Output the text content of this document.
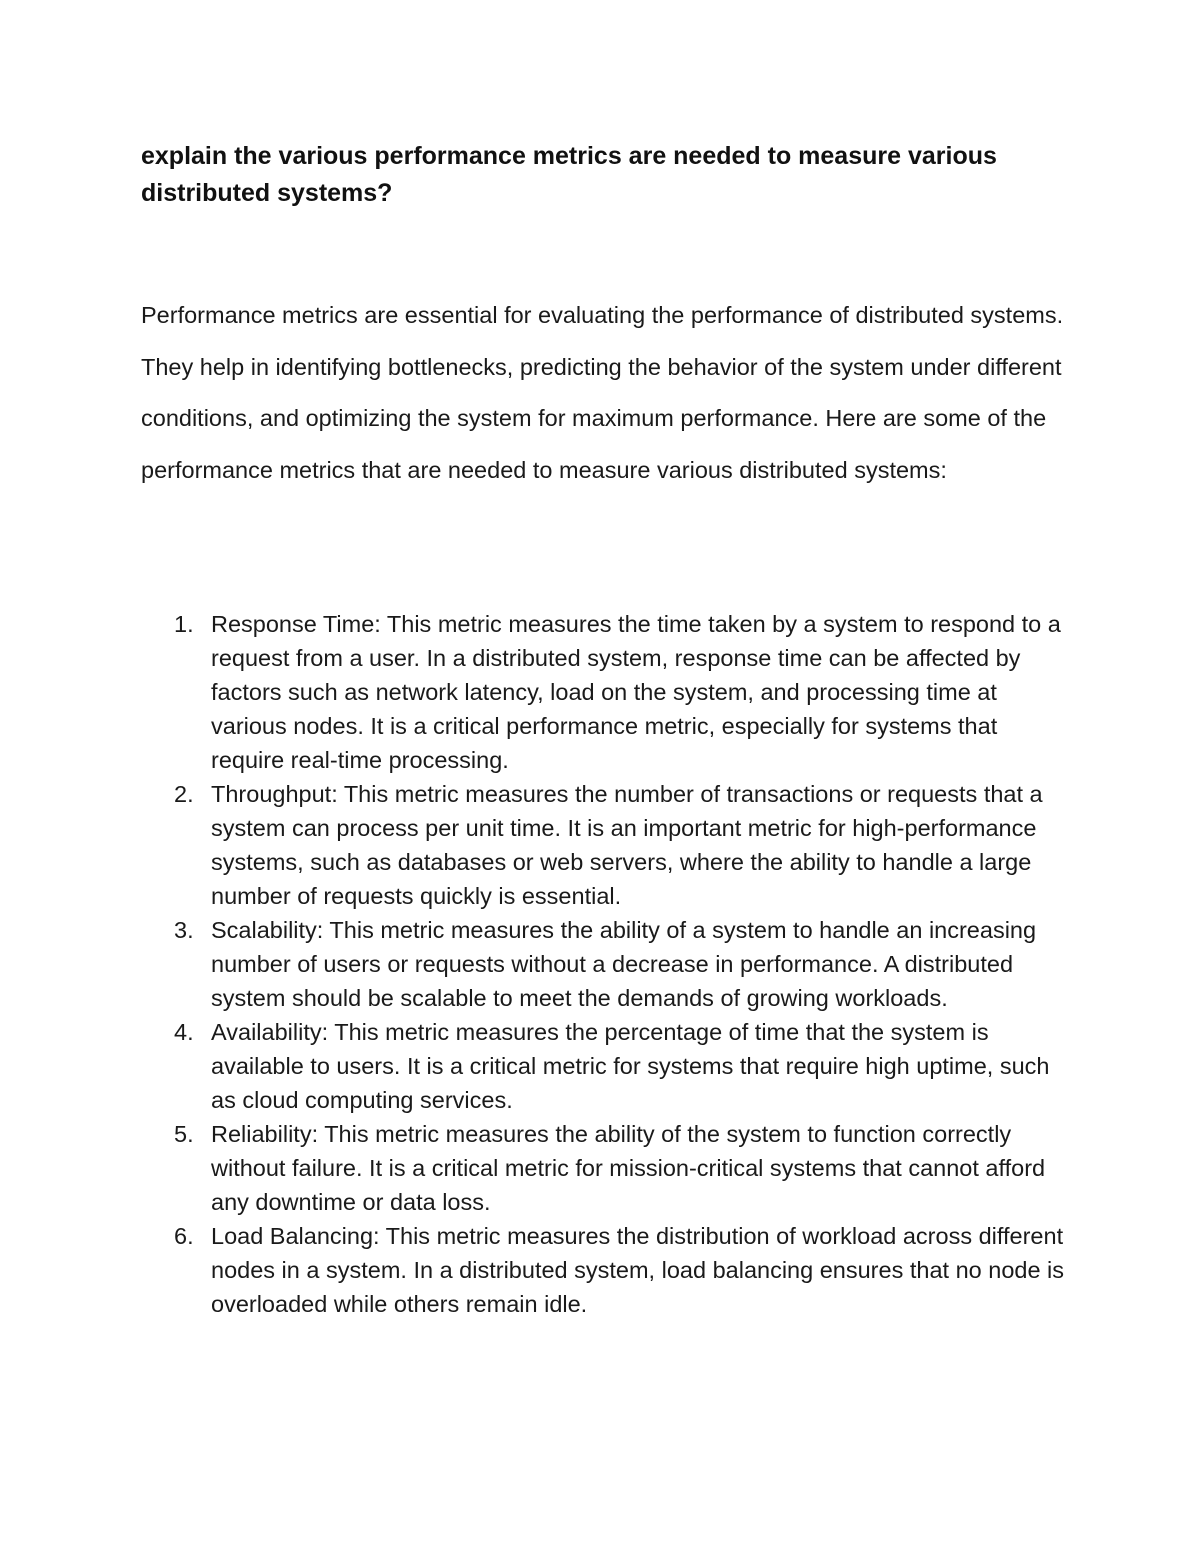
explain the various performance metrics are needed to measure various distributed systems?

Performance metrics are essential for evaluating the performance of distributed systems. They help in identifying bottlenecks, predicting the behavior of the system under different conditions, and optimizing the system for maximum performance. Here are some of the performance metrics that are needed to measure various distributed systems:

1. Response Time: This metric measures the time taken by a system to respond to a request from a user. In a distributed system, response time can be affected by factors such as network latency, load on the system, and processing time at various nodes. It is a critical performance metric, especially for systems that require real-time processing.
2. Throughput: This metric measures the number of transactions or requests that a system can process per unit time. It is an important metric for high-performance systems, such as databases or web servers, where the ability to handle a large number of requests quickly is essential.
3. Scalability: This metric measures the ability of a system to handle an increasing number of users or requests without a decrease in performance. A distributed system should be scalable to meet the demands of growing workloads.
4. Availability: This metric measures the percentage of time that the system is available to users. It is a critical metric for systems that require high uptime, such as cloud computing services.
5. Reliability: This metric measures the ability of the system to function correctly without failure. It is a critical metric for mission-critical systems that cannot afford any downtime or data loss.
6. Load Balancing: This metric measures the distribution of workload across different nodes in a system. In a distributed system, load balancing ensures that no node is overloaded while others remain idle.
